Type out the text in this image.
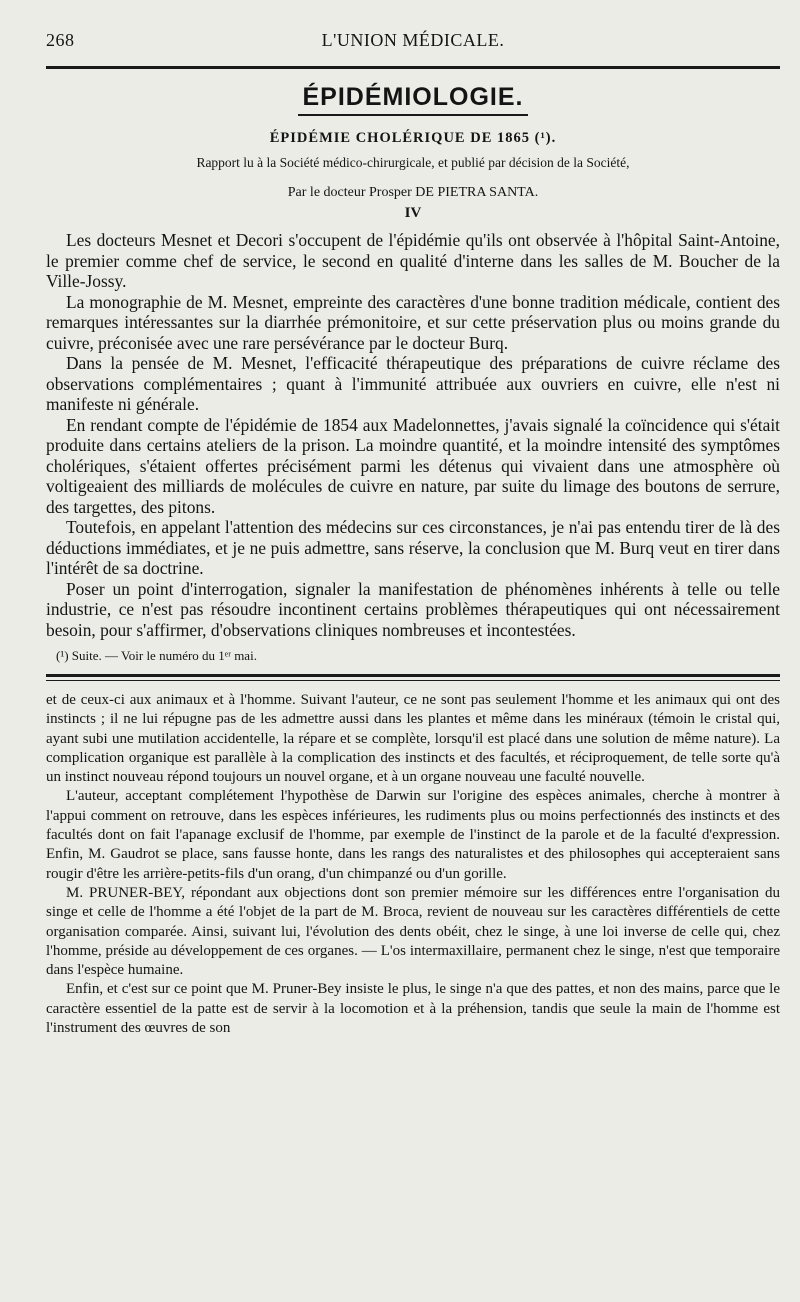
268	L'UNION MÉDICALE.
ÉPIDÉMIOLOGIE.
ÉPIDÉMIE CHOLÉRIQUE DE 1865 (¹).
Rapport lu à la Société médico-chirurgicale, et publié par décision de la Société,
Par le docteur Prosper DE PIETRA SANTA.
IV

Les docteurs Mesnet et Decori s'occupent de l'épidémie qu'ils ont observée à l'hôpital Saint-Antoine, le premier comme chef de service, le second en qualité d'interne dans les salles de M. Boucher de la Ville-Jossy.

La monographie de M. Mesnet, empreinte des caractères d'une bonne tradition médicale, contient des remarques intéressantes sur la diarrhée prémonitoire, et sur cette préservation plus ou moins grande du cuivre, préconisée avec une rare persévérance par le docteur Burq.

Dans la pensée de M. Mesnet, l'efficacité thérapeutique des préparations de cuivre réclame des observations complémentaires ; quant à l'immunité attribuée aux ouvriers en cuivre, elle n'est ni manifeste ni générale.

En rendant compte de l'épidémie de 1854 aux Madelonnettes, j'avais signalé la coïncidence qui s'était produite dans certains ateliers de la prison. La moindre quantité, et la moindre intensité des symptômes cholériques, s'étaient offertes précisément parmi les détenus qui vivaient dans une atmosphère où voltigeaient des milliards de molécules de cuivre en nature, par suite du limage des boutons de serrure, des targettes, des pitons.

Toutefois, en appelant l'attention des médecins sur ces circonstances, je n'ai pas entendu tirer de là des déductions immédiates, et je ne puis admettre, sans réserve, la conclusion que M. Burq veut en tirer dans l'intérêt de sa doctrine.

Poser un point d'interrogation, signaler la manifestation de phénomènes inhérents à telle ou telle industrie, ce n'est pas résoudre incontinent certains problèmes thérapeutiques qui ont nécessairement besoin, pour s'affirmer, d'observations cliniques nombreuses et incontestées.

(¹) Suite. — Voir le numéro du 1ᵉʳ mai.

et de ceux-ci aux animaux et à l'homme. Suivant l'auteur, ce ne sont pas seulement l'homme et les animaux qui ont des instincts ; il ne lui répugne pas de les admettre aussi dans les plantes et même dans les minéraux (témoin le cristal qui, ayant subi une mutilation accidentelle, la répare et se complète, lorsqu'il est placé dans une solution de même nature). La complication organique est parallèle à la complication des instincts et des facultés, et réciproquement, de telle sorte qu'à un instinct nouveau répond toujours un nouvel organe, et à un organe nouveau une faculté nouvelle.

L'auteur, acceptant complétement l'hypothèse de Darwin sur l'origine des espèces animales, cherche à montrer à l'appui comment on retrouve, dans les espèces inférieures, les rudiments plus ou moins perfectionnés des instincts et des facultés dont on fait l'apanage exclusif de l'homme, par exemple de l'instinct de la parole et de la faculté d'expression. Enfin, M. Gaudrot se place, sans fausse honte, dans les rangs des naturalistes et des philosophes qui accepteraient sans rougir d'être les arrière-petits-fils d'un orang, d'un chimpanzé ou d'un gorille.

M. PRUNER-BEY, répondant aux objections dont son premier mémoire sur les différences entre l'organisation du singe et celle de l'homme a été l'objet de la part de M. Broca, revient de nouveau sur les caractères différentiels de cette organisation comparée. Ainsi, suivant lui, l'évolution des dents obéit, chez le singe, à une loi inverse de celle qui, chez l'homme, préside au développement de ces organes. — L'os intermaxillaire, permanent chez le singe, n'est que temporaire dans l'espèce humaine.

Enfin, et c'est sur ce point que M. Pruner-Bey insiste le plus, le singe n'a que des pattes, et non des mains, parce que le caractère essentiel de la patte est de servir à la locomotion et à la préhension, tandis que seule la main de l'homme est l'instrument des œuvres de son
